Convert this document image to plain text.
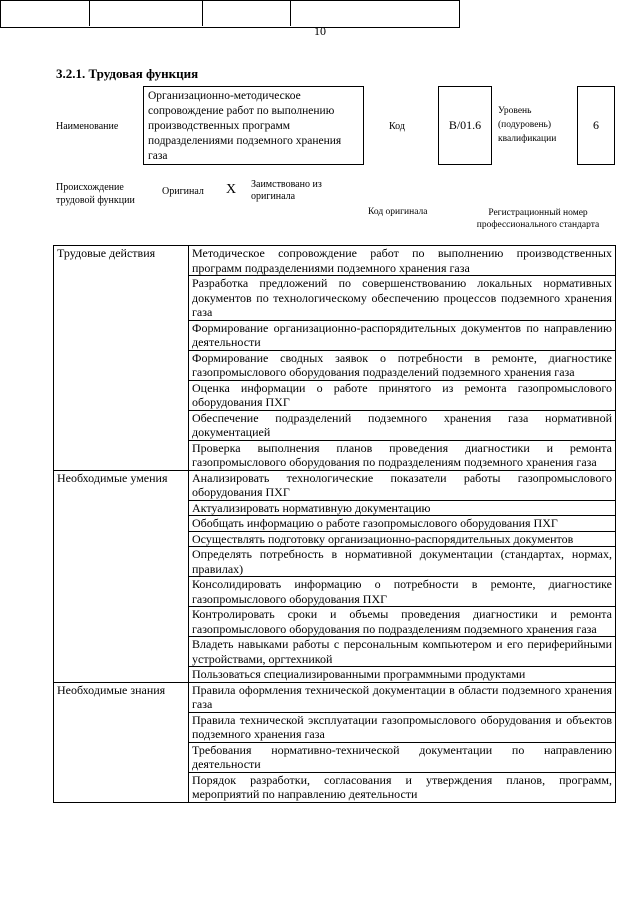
10
3.2.1. Трудовая функция
Наименование
Организационно-методическое сопровождение работ по выполнению производственных программ подразделениями подземного хранения газа
Код	В/01.6
Уровень (подуровень) квалификации
6
Происхождение трудовой функции
Оригинал X Заимствовано из оригинала
Код оригинала	Регистрационный номер профессионального стандарта
Трудовые действия	Методическое сопровождение работ по выполнению производственных программ подразделениями подземного хранения газа
	Разработка предложений по совершенствованию локальных нормативных документов по технологическому обеспечению процессов подземного хранения газа
	Формирование организационно-распорядительных документов по направлению деятельности
	Формирование сводных заявок о потребности в ремонте, диагностике газопромыслового оборудования подразделений подземного хранения газа
	Оценка информации о работе принятого из ремонта газопромыслового оборудования ПХГ
	Обеспечение подразделений подземного хранения газа нормативной документацией
	Проверка выполнения планов проведения диагностики и ремонта газопромыслового оборудования по подразделениям подземного хранения газа
Необходимые умения	Анализировать технологические показатели работы газопромыслового оборудования ПХГ
	Актуализировать нормативную документацию
	Обобщать информацию о работе газопромыслового оборудования ПХГ
	Осуществлять подготовку организационно-распорядительных документов
	Определять потребность в нормативной документации (стандартах, нормах, правилах)
	Консолидировать информацию о потребности в ремонте, диагностике газопромыслового оборудования ПХГ
	Контролировать сроки и объемы проведения диагностики и ремонта газопромыслового оборудования по подразделениям подземного хранения газа
	Владеть навыками работы с персональным компьютером и его периферийными устройствами, оргтехникой
	Пользоваться специализированными программными продуктами
Необходимые знания	Правила оформления технической документации в области подземного хранения газа
	Правила технической эксплуатации газопромыслового оборудования и объектов подземного хранения газа
	Требования нормативно-технической документации по направлению деятельности
	Порядок разработки, согласования и утверждения планов, программ, мероприятий по направлению деятельности
